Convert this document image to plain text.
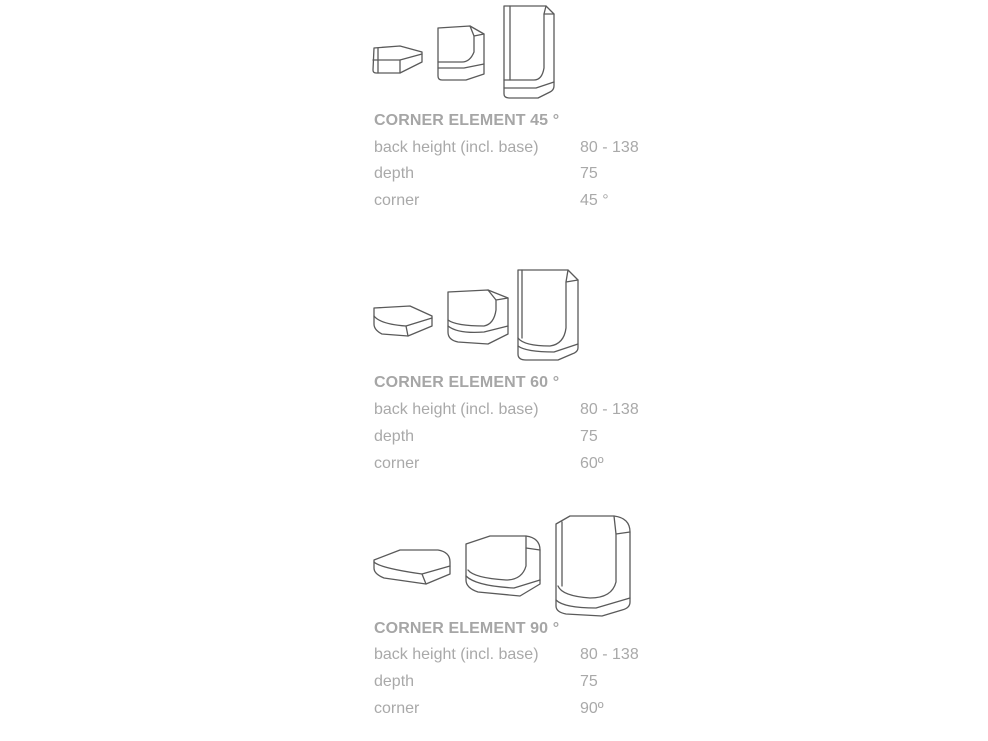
CORNER ELEMENT 45 °
back height (incl. base)	80 - 138
depth	75
corner	45 °
CORNER ELEMENT 60 °
back height (incl. base)	80 - 138
depth	75
corner	60º
CORNER ELEMENT 90 °
back height (incl. base)	80 - 138
depth	75
corner	90º
